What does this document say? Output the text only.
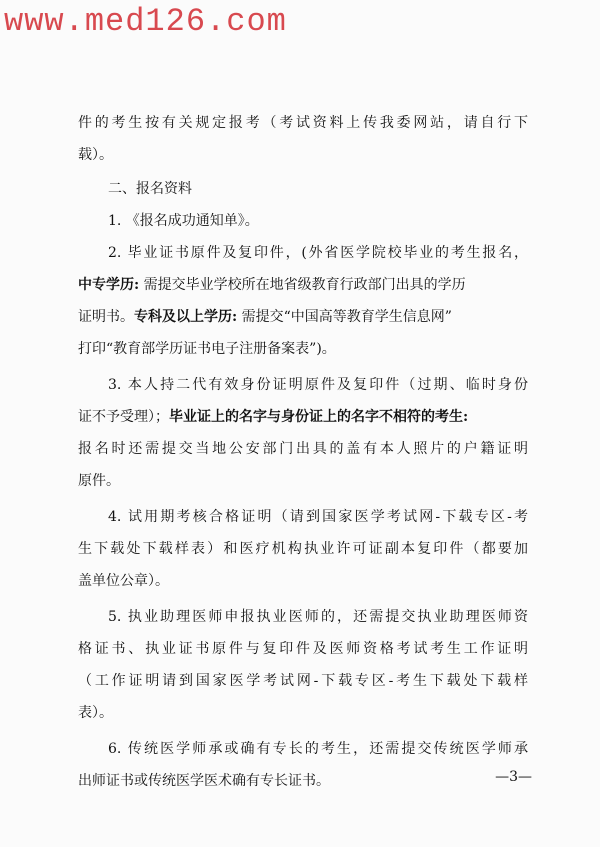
www.med126.com
件的考生按有关规定报考（考试资料上传我委网站，请自行下
载）。
二、报名资料
1. 《报名成功通知单》。
2. 毕业证书原件及复印件，(外省医学院校毕业的考生报名，
中专学历: 需提交毕业学校所在地省级教育行政部门出具的学历
证明书。专科及以上学历: 需提交“中国高等教育学生信息网”
打印“教育部学历证书电子注册备案表”)。
3. 本人持二代有效身份证明原件及复印件（过期、临时身份
证不予受理）；毕业证上的名字与身份证上的名字不相符的考生:
报名时还需提交当地公安部门出具的盖有本人照片的户籍证明
原件。
4. 试用期考核合格证明（请到国家医学考试网-下载专区-考
生下载处下载样表）和医疗机构执业许可证副本复印件（都要加
盖单位公章）。
5. 执业助理医师申报执业医师的，还需提交执业助理医师资
格证书、执业证书原件与复印件及医师资格考试考生工作证明
（工作证明请到国家医学考试网-下载专区-考生下载处下载样
表）。
6. 传统医学师承或确有专长的考生，还需提交传统医学师承
出师证书或传统医学医术确有专长证书。	—3—
